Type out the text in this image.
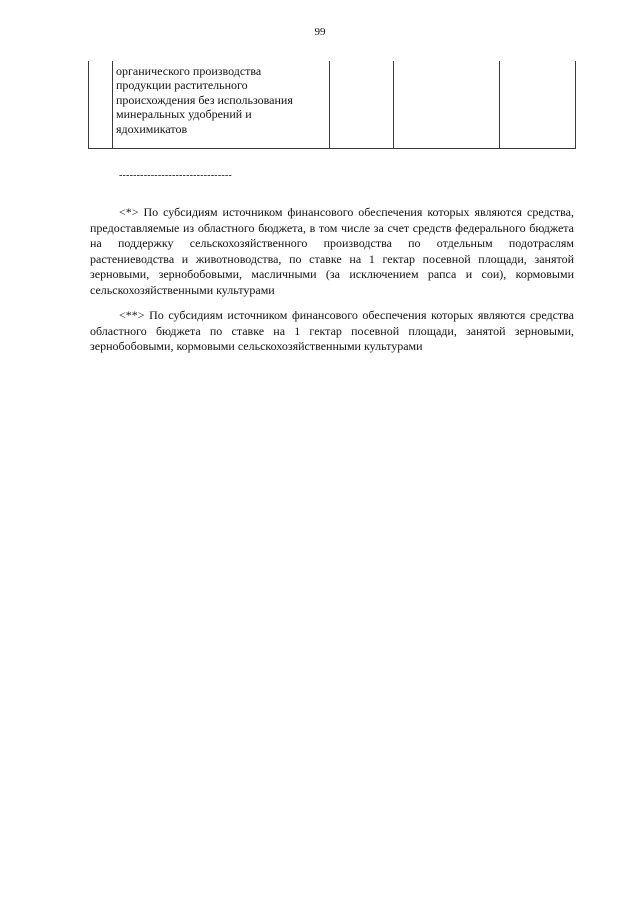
99

органического производства
продукции растительного
происхождения без использования
минеральных удобрений и
ядохимикатов

--------------------------------

<*> По субсидиям источником финансового обеспечения которых являются средства, предоставляемые из областного бюджета, в том числе за счет средств федерального бюджета на поддержку сельскохозяйственного производства по отдельным подотраслям растениеводства и животноводства, по ставке на 1 гектар посевной площади, занятой зерновыми, зернобобовыми, масличными (за исключением рапса и сои), кормовыми сельскохозяйственными культурами

<**> По субсидиям источником финансового обеспечения которых являются средства областного бюджета по ставке на 1 гектар посевной площади, занятой зерновыми, зернобобовыми, кормовыми сельскохозяйственными культурами
